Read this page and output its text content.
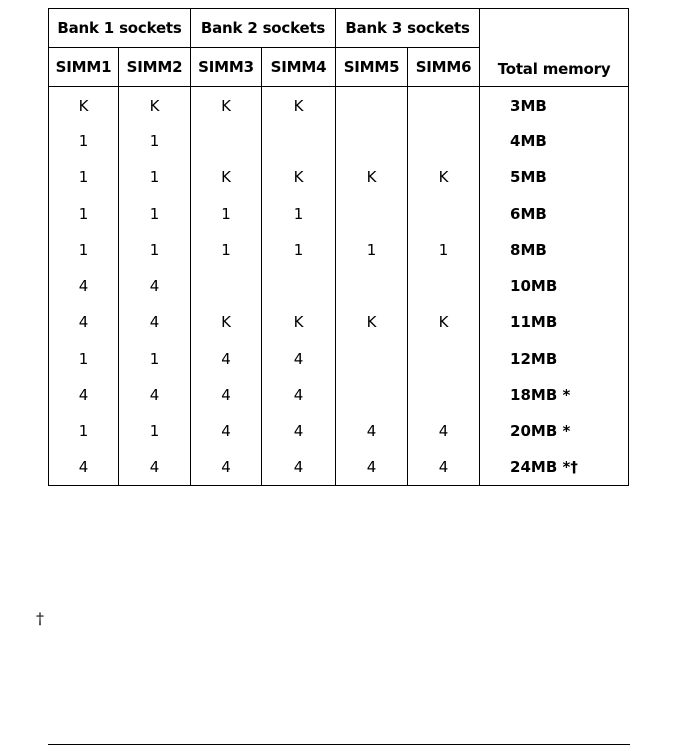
Bank 1 sockets		Bank 2 sockets		Bank 3 sockets		Total memory
SIMM1	SIMM2	SIMM3	SIMM4	SIMM5	SIMM6	
K	K	K	K			3MB
1	1					4MB
1	1	K	K	K	K	5MB
1	1	1	1			6MB
1	1	1	1	1	1	8MB
4	4					10MB
4	4	K	K	K	K	11MB
1	1	4	4			12MB
4	4	4	4			18MB *
1	1	4	4	4	4	20MB *
4	4	4	4	4	4	24MB *†
†
